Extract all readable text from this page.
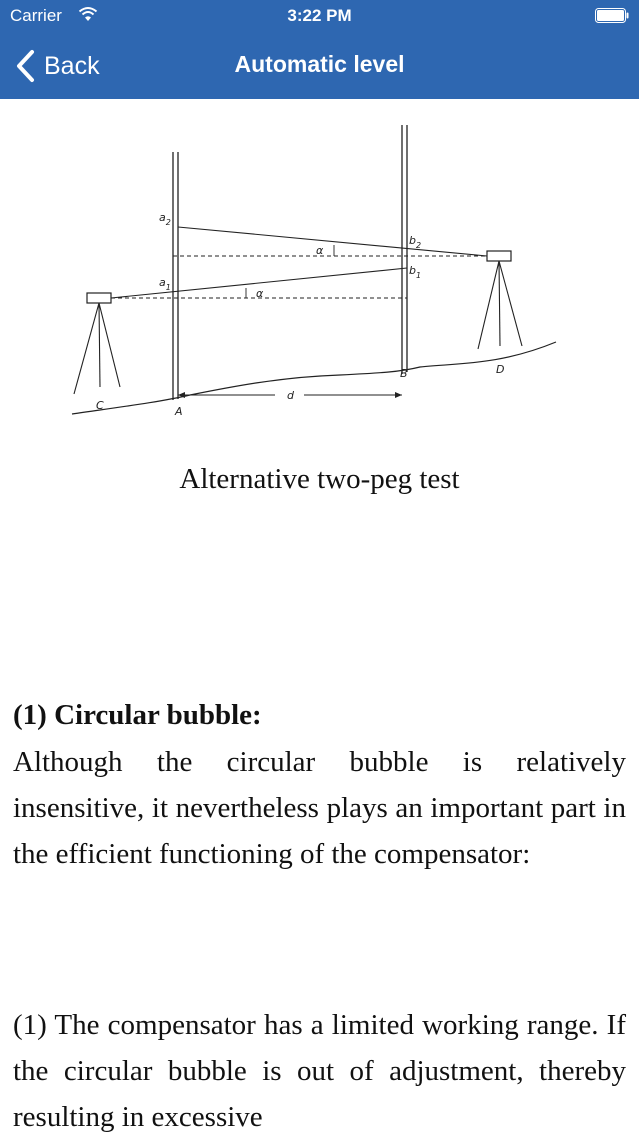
Carrier	3:22 PM
Back	Automatic level
$a_2$
$a_1$
$b_2$
$b_1$
α
α
C	A
B	D
d
Alternative two-peg test
(1) Circular bubble:
Although the circular bubble is relatively insensitive, it nevertheless plays an important part in the efficient functioning of the compensator:
(1) The compensator has a limited working range. If the circular bubble is out of adjustment, thereby resulting in excessive
